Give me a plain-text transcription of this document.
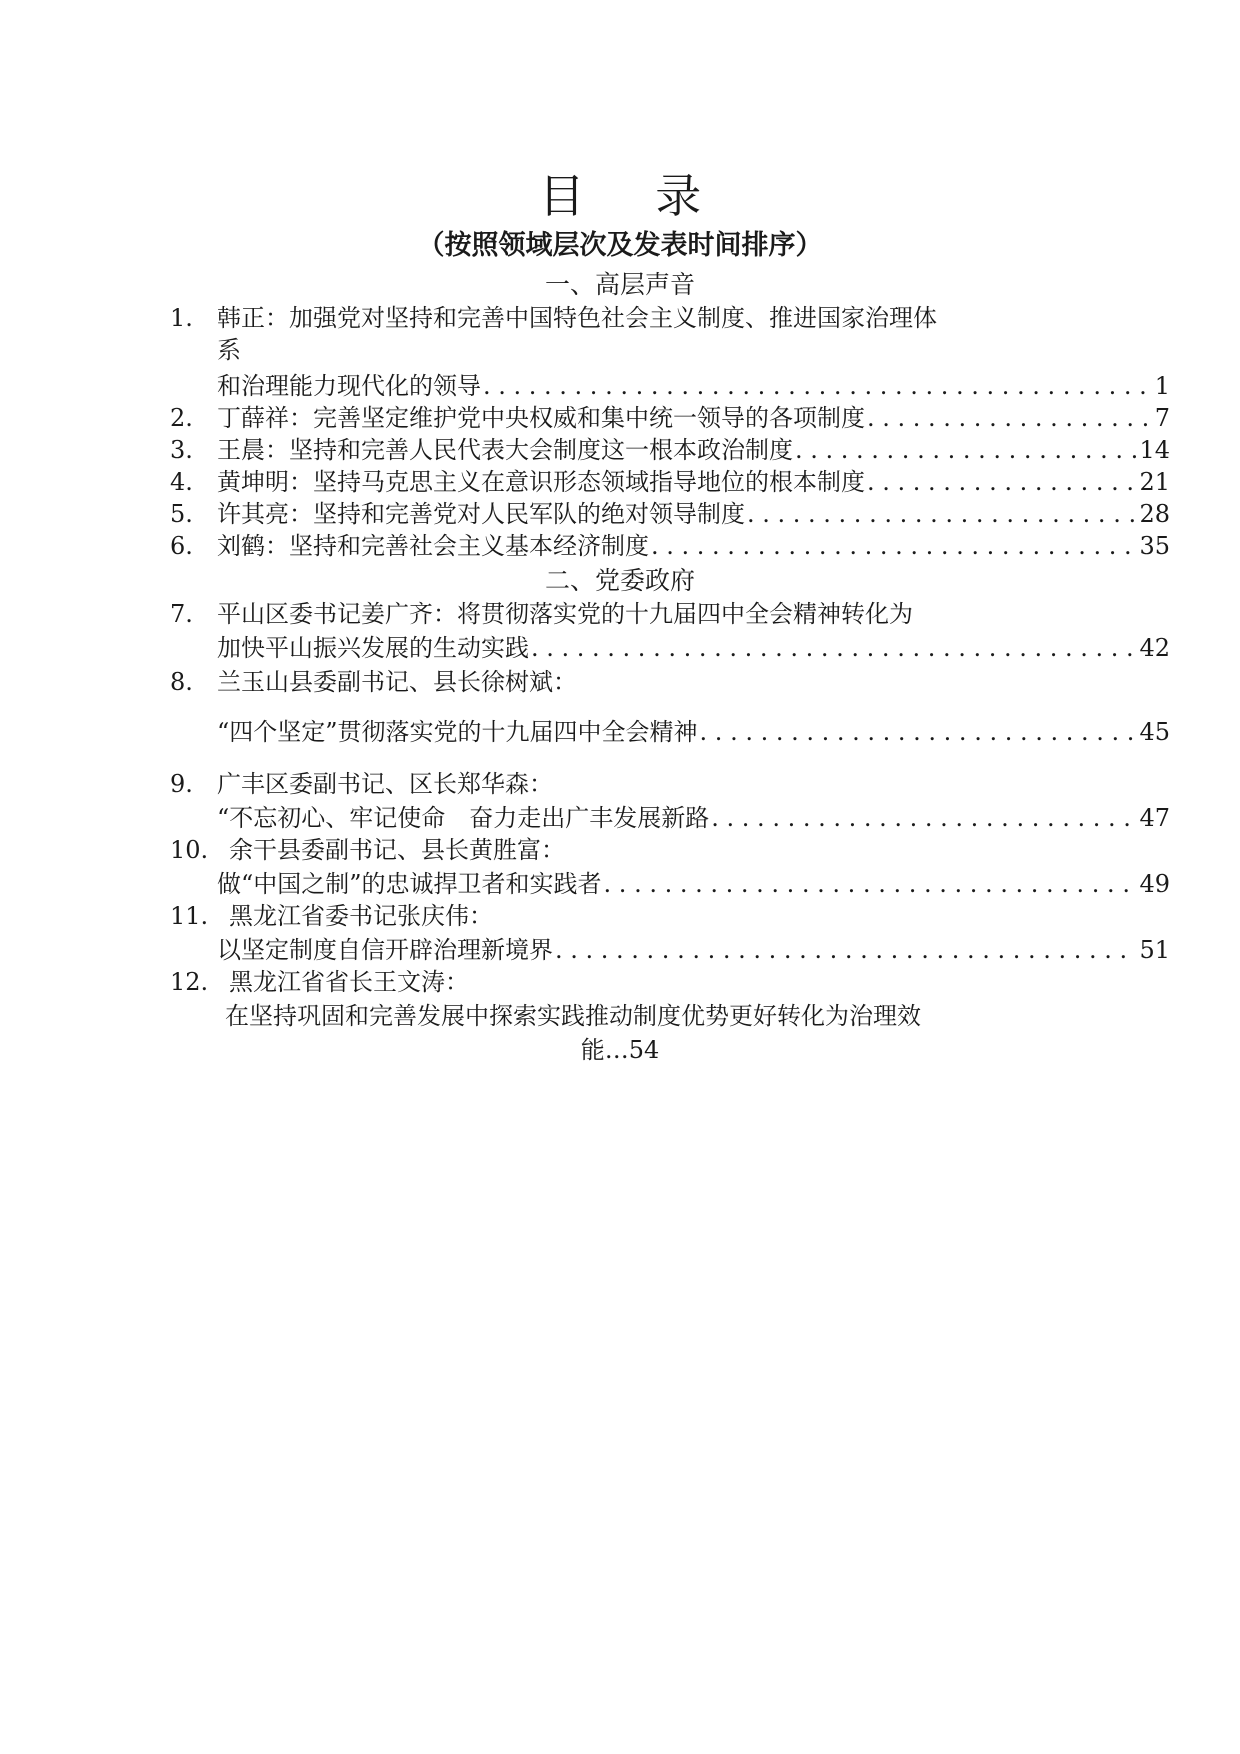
目 录
（按照领域层次及发表时间排序）
一、高层声音
1. 韩正：加强党对坚持和完善中国特色社会主义制度、推进国家治理体
系
和治理能力现代化的领导 . . .	1
2. 丁薛祥：完善坚定维护党中央权威和集中统一领导的各项制度 . . .	7
3. 王晨：坚持和完善人民代表大会制度这一根本政治制度 . . .	14
4. 黄坤明：坚持马克思主义在意识形态领域指导地位的根本制度 . . .	21
5. 许其亮：坚持和完善党对人民军队的绝对领导制度 . . .	28
6. 刘鹤：坚持和完善社会主义基本经济制度 . . .	35
二、党委政府
7. 平山区委书记姜广齐：将贯彻落实党的十九届四中全会精神转化为
加快平山振兴发展的生动实践 . . .	42
8. 兰玉山县委副书记、县长徐树斌：
“四个坚定”贯彻落实党的十九届四中全会精神 . . .	45
9. 广丰区委副书记、区长郑华森：
“不忘初心、牢记使命　奋力走出广丰发展新路 . . .	47
10. 余干县委副书记、县长黄胜富：
做“中国之制”的忠诚捍卫者和实践者 . . .	49
11. 黑龙江省委书记张庆伟：
以坚定制度自信开辟治理新境界 . . .	51
12. 黑龙江省省长王文涛：
在坚持巩固和完善发展中探索实践推动制度优势更好转化为治理效
能…54
